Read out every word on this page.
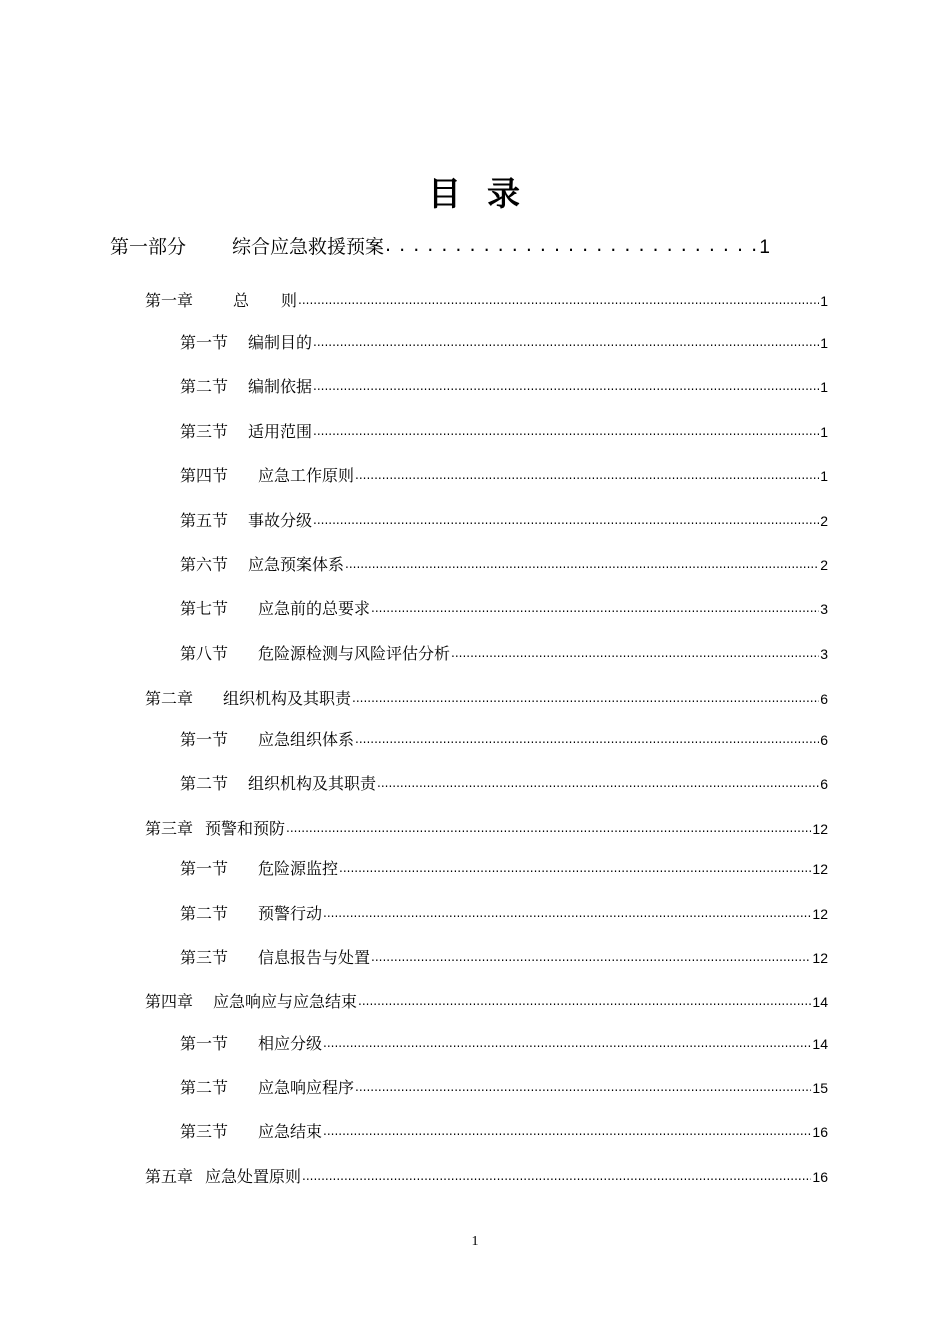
目 录
第一部分 综合应急救援预案 . . .	1
第一章	总　　则 .....	1
第一节 编制目的 .....	1
第二节 编制依据 .....	1
第三节 适用范围 .....	1
第四节 应急工作原则 .....	1
第五节 事故分级 .....	2
第六节 应急预案体系 .....	2
第七节 应急前的总要求 .....	3
第八节 危险源检测与风险评估分析 .....	3
第二章 组织机构及其职责 .....	6
第一节 应急组织体系 .....	6
第二节 组织机构及其职责 .....	6
第三章 预警和预防 .....	12
第一节 危险源监控 .....	12
第二节 预警行动 .....	12
第三节 信息报告与处置 .....	12
第四章 应急响应与应急结束 .....	14
第一节 相应分级 .....	14
第二节 应急响应程序 .....	15
第三节 应急结束 .....	16
第五章 应急处置原则 .....	16
1
